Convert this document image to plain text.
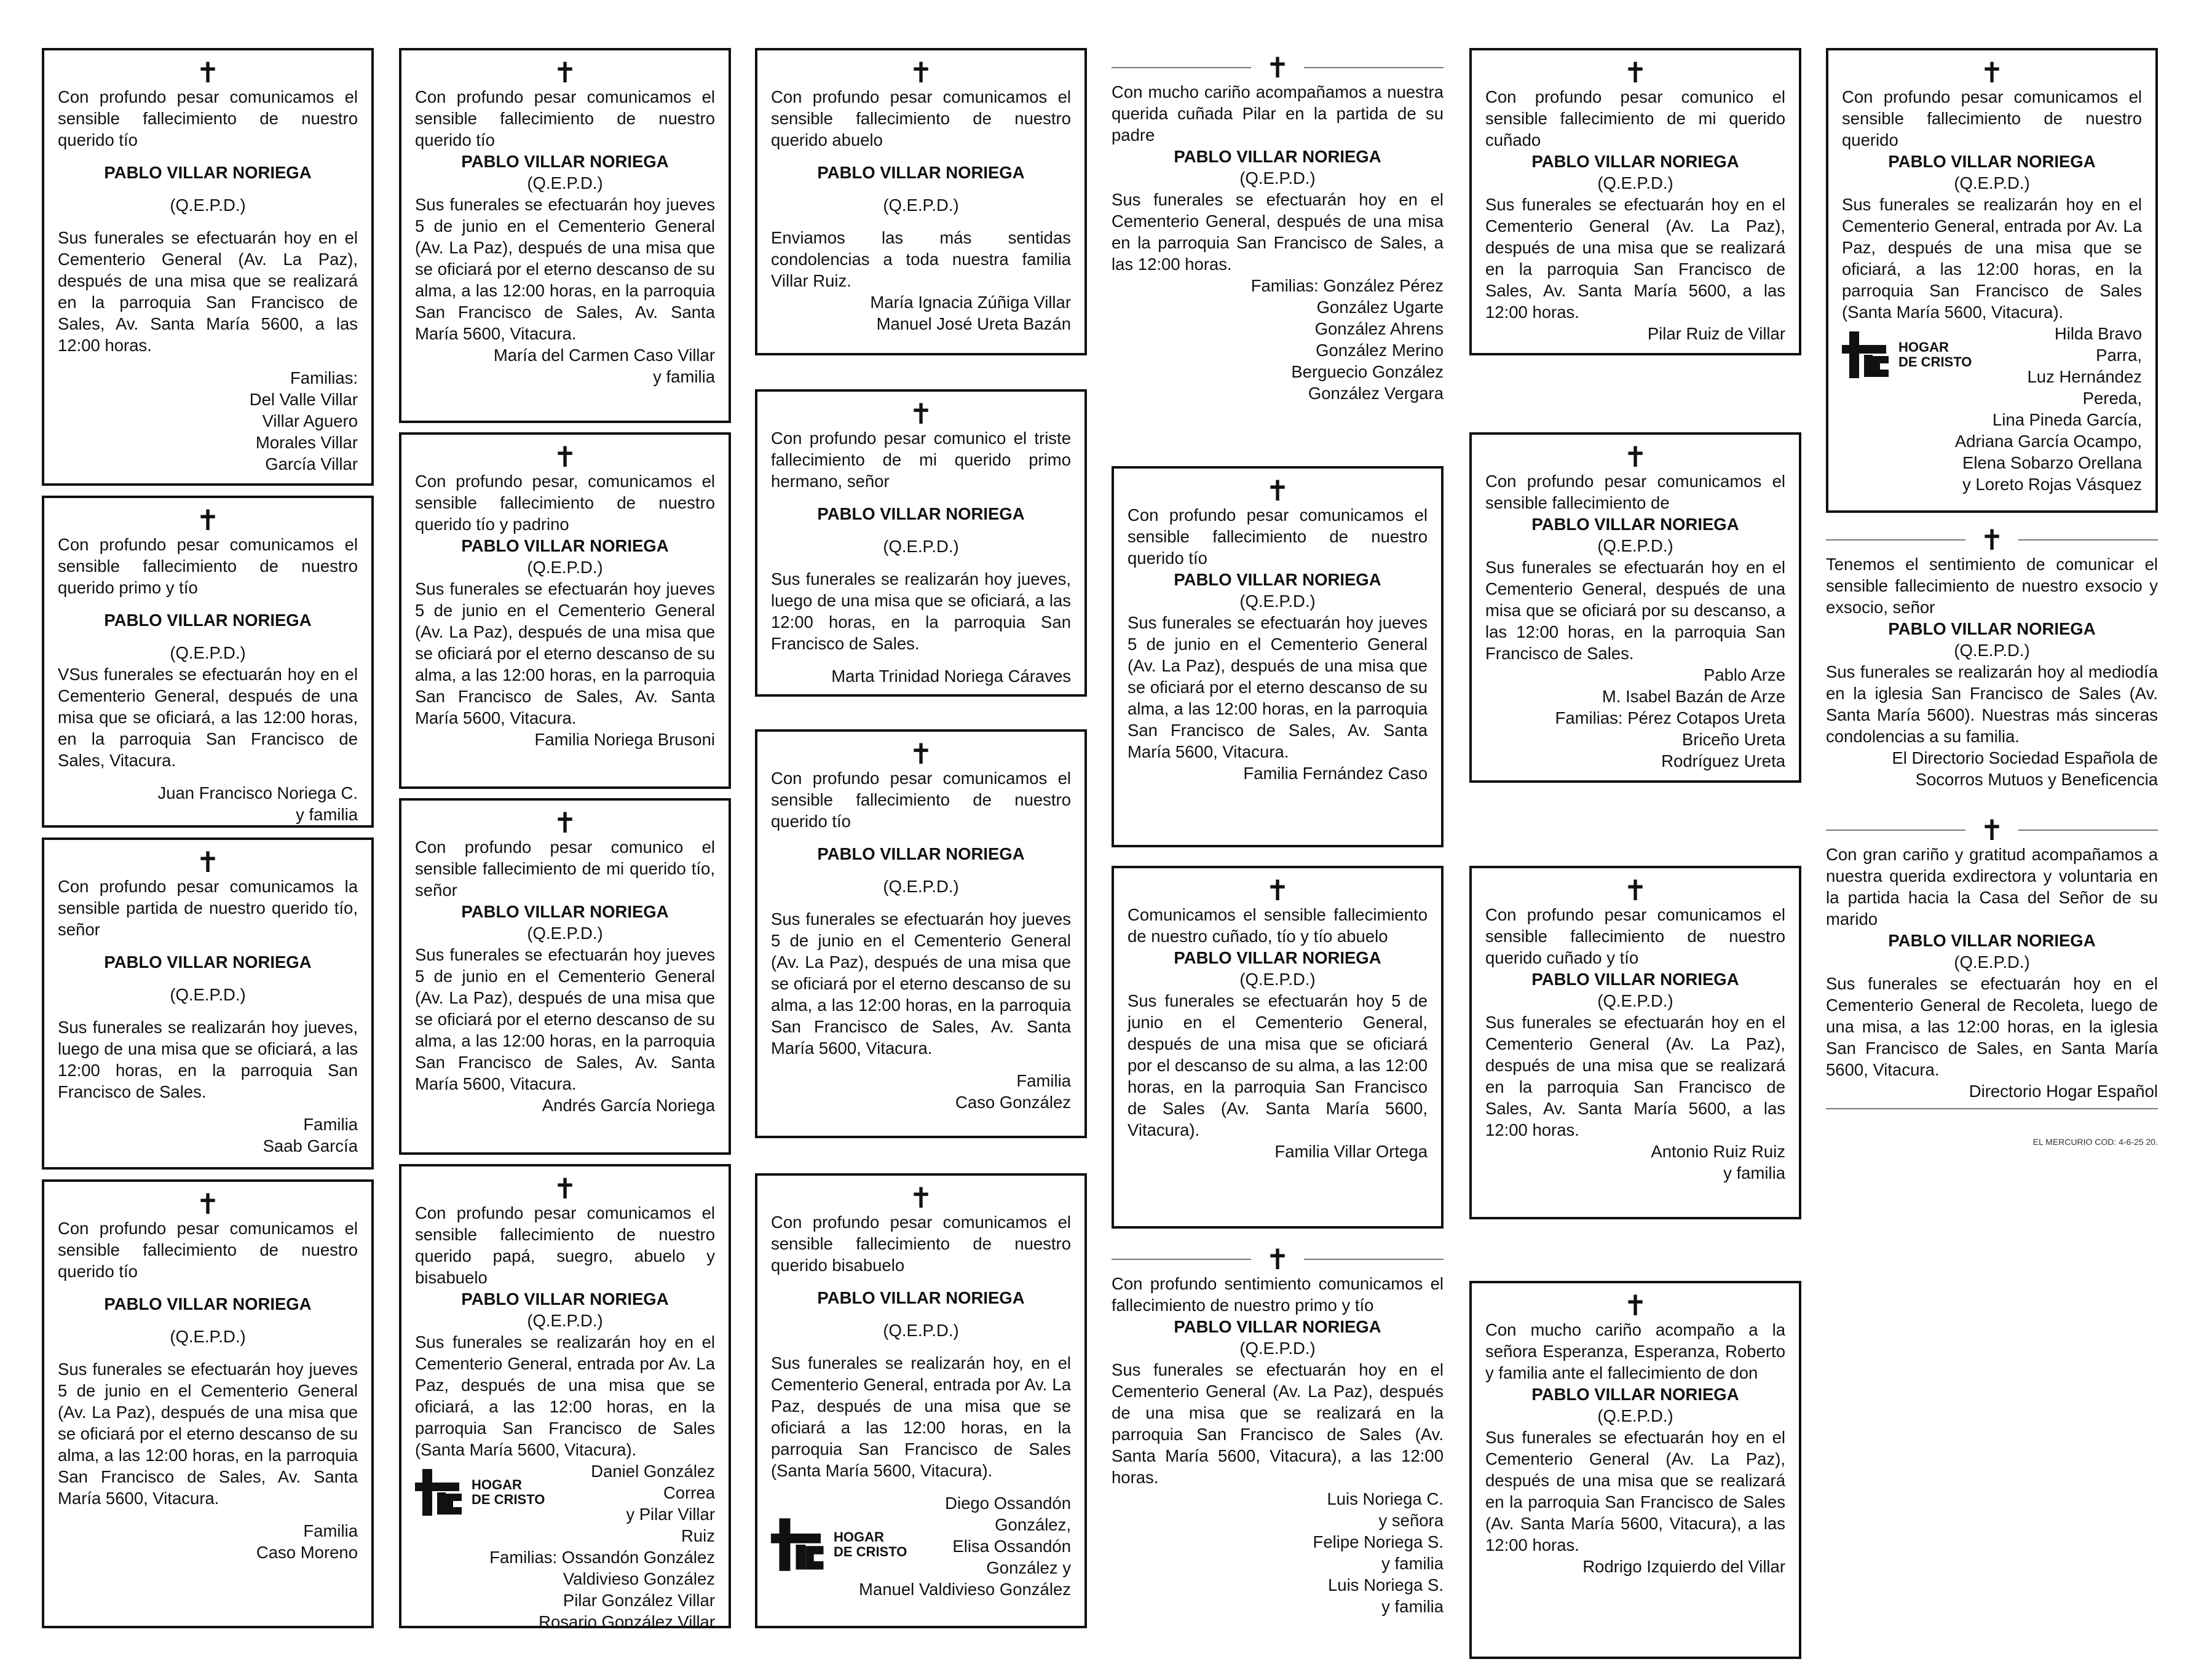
✝
Con profundo pesar comunicamos el sensible fallecimiento de nuestro querido tío
PABLO VILLAR NORIEGA
(Q.E.P.D.)
Sus funerales se efectuarán hoy en el Cementerio General (Av. La Paz), después de una misa que se realizará en la parroquia San Francisco de Sales, Av. Santa María 5600, a las 12:00 horas.
Familias:
Del Valle Villar
Villar Aguero
Morales Villar
García Villar
✝
Con profundo pesar comunicamos el sensible fallecimiento de nuestro querido primo y tío
PABLO VILLAR NORIEGA
(Q.E.P.D.)
VSus funerales se efectuarán hoy en el Cementerio General, después de una misa que se oficiará, a las 12:00 horas, en la parroquia San Francisco de Sales, Vitacura.
Juan Francisco Noriega C.
y familia
✝
Con profundo pesar comunicamos la sensible partida de nuestro querido tío, señor
PABLO VILLAR NORIEGA
(Q.E.P.D.)
Sus funerales se realizarán hoy jueves, luego de una misa que se oficiará, a las 12:00 horas, en la parroquia San Francisco de Sales.
Familia
Saab García
✝
Con profundo pesar comunicamos el sensible fallecimiento de nuestro querido tío
PABLO VILLAR NORIEGA
(Q.E.P.D.)
Sus funerales se efectuarán hoy jueves 5 de junio en el Cementerio General (Av. La Paz), después de una misa que se oficiará por el eterno descanso de su alma, a las 12:00 horas, en la parroquia San Francisco de Sales, Av. Santa María 5600, Vitacura.
Familia
Caso Moreno
✝
Con profundo pesar comunicamos el sensible fallecimiento de nuestro querido tío
PABLO VILLAR NORIEGA
(Q.E.P.D.)
Sus funerales se efectuarán hoy jueves 5 de junio en el Cementerio General (Av. La Paz), después de una misa que se oficiará por el eterno descanso de su alma, a las 12:00 horas, en la parroquia San Francisco de Sales, Av. Santa María 5600, Vitacura.
María del Carmen Caso Villar
y familia
✝
Con profundo pesar, comunicamos el sensible fallecimiento de nuestro querido tío y padrino
PABLO VILLAR NORIEGA
(Q.E.P.D.)
Sus funerales se efectuarán hoy jueves 5 de junio en el Cementerio General (Av. La Paz), después de una misa que se oficiará por el eterno descanso de su alma, a las 12:00 horas, en la parroquia San Francisco de Sales, Av. Santa María 5600, Vitacura.
Familia Noriega Brusoni
✝
Con profundo pesar comunico el sensible fallecimiento de mi querido tío, señor
PABLO VILLAR NORIEGA
(Q.E.P.D.)
Sus funerales se efectuarán hoy jueves 5 de junio en el Cementerio General (Av. La Paz), después de una misa que se oficiará por el eterno descanso de su alma, a las 12:00 horas, en la parroquia San Francisco de Sales, Av. Santa María 5600, Vitacura.
Andrés García Noriega
✝
Con profundo pesar comunicamos el sensible fallecimiento de nuestro querido papá, suegro, abuelo y bisabuelo
PABLO VILLAR NORIEGA
(Q.E.P.D.)
Sus funerales se realizarán hoy en el Cementerio General, entrada por Av. La Paz, después de una misa que se oficiará, a las 12:00 horas, en la parroquia San Francisco de Sales (Santa María 5600, Vitacura).
HOGAR
DE CRISTO
Daniel González
Correa
y Pilar Villar
Ruiz
Familias: Ossandón González
Valdivieso González
Pilar González Villar
Rosario González Villar
✝
Con profundo pesar comunicamos el sensible fallecimiento de nuestro querido abuelo
PABLO VILLAR NORIEGA
(Q.E.P.D.)
Enviamos las más sentidas condolencias a toda nuestra familia Villar Ruiz.
María Ignacia Zúñiga Villar
Manuel José Ureta Bazán
✝
Con profundo pesar comunico el triste fallecimiento de mi querido primo hermano, señor
PABLO VILLAR NORIEGA
(Q.E.P.D.)
Sus funerales se realizarán hoy jueves, luego de una misa que se oficiará, a las 12:00 horas, en la parroquia San Francisco de Sales.
Marta Trinidad Noriega Cáraves
✝
Con profundo pesar comunicamos el sensible fallecimiento de nuestro querido tío
PABLO VILLAR NORIEGA
(Q.E.P.D.)
Sus funerales se efectuarán hoy jueves 5 de junio en el Cementerio General (Av. La Paz), después de una misa que se oficiará por el eterno descanso de su alma, a las 12:00 horas, en la parroquia San Francisco de Sales, Av. Santa María 5600, Vitacura.
Familia
Caso González
✝
Con profundo pesar comunicamos el sensible fallecimiento de nuestro querido bisabuelo
PABLO VILLAR NORIEGA
(Q.E.P.D.)
Sus funerales se realizarán hoy, en el Cementerio General, entrada por Av. La Paz, después de una misa que se oficiará a las 12:00 horas, en la parroquia San Francisco de Sales (Santa María 5600, Vitacura).
HOGAR
DE CRISTO
Diego Ossandón
González,
Elisa Ossandón
González y
Manuel Valdivieso González
✝
Con mucho cariño acompañamos a nuestra querida cuñada Pilar en la partida de su padre
PABLO VILLAR NORIEGA
(Q.E.P.D.)
Sus funerales se efectuarán hoy en el Cementerio General, después de una misa en la parroquia San Francisco de Sales, a las 12:00 horas.
Familias: González Pérez
González Ugarte
González Ahrens
González Merino
Berguecio González
González Vergara
✝
Con profundo pesar comunicamos el sensible fallecimiento de nuestro querido tío
PABLO VILLAR NORIEGA
(Q.E.P.D.)
Sus funerales se efectuarán hoy jueves 5 de junio en el Cementerio General (Av. La Paz), después de una misa que se oficiará por el eterno descanso de su alma, a las 12:00 horas, en la parroquia San Francisco de Sales, Av. Santa María 5600, Vitacura.
Familia Fernández Caso
✝
Comunicamos el sensible fallecimiento de nuestro cuñado, tío y tío abuelo
PABLO VILLAR NORIEGA
(Q.E.P.D.)
Sus funerales se efectuarán hoy 5 de junio en el Cementerio General, después de una misa que se oficiará por el descanso de su alma, a las 12:00 horas, en la parroquia San Francisco de Sales (Av. Santa María 5600, Vitacura).
Familia Villar Ortega
✝
Con profundo sentimiento comunicamos el fallecimiento de nuestro primo y tío
PABLO VILLAR NORIEGA
(Q.E.P.D.)
Sus funerales se efectuarán hoy en el Cementerio General (Av. La Paz), después de una misa que se realizará en la parroquia San Francisco de Sales (Av. Santa María 5600, Vitacura), a las 12:00 horas.
Luis Noriega C.
y señora
Felipe Noriega S.
y familia
Luis Noriega S.
y familia
✝
Con profundo pesar comunico el sensible fallecimiento de mi querido cuñado
PABLO VILLAR NORIEGA
(Q.E.P.D.)
Sus funerales se efectuarán hoy en el Cementerio General (Av. La Paz), después de una misa que se realizará en la parroquia San Francisco de Sales, Av. Santa María 5600, a las 12:00 horas.
Pilar Ruiz de Villar
✝
Con profundo pesar comunicamos el sensible fallecimiento de
PABLO VILLAR NORIEGA
(Q.E.P.D.)
Sus funerales se efectuarán hoy en el Cementerio General, después de una misa que se oficiará por su descanso, a las 12:00 horas, en la parroquia San Francisco de Sales.
Pablo Arze
M. Isabel Bazán de Arze
Familias: Pérez Cotapos Ureta
Briceño Ureta
Rodríguez Ureta
✝
Con profundo pesar comunicamos el sensible fallecimiento de nuestro querido cuñado y tío
PABLO VILLAR NORIEGA
(Q.E.P.D.)
Sus funerales se efectuarán hoy en el Cementerio General (Av. La Paz), después de una misa que se realizará en la parroquia San Francisco de Sales, Av. Santa María 5600, a las 12:00 horas.
Antonio Ruiz Ruiz
y familia
✝
Con mucho cariño acompaño a la señora Esperanza, Esperanza, Roberto y familia ante el fallecimiento de don
PABLO VILLAR NORIEGA
(Q.E.P.D.)
Sus funerales se efectuarán hoy en el Cementerio General (Av. La Paz), después de una misa que se realizará en la parroquia San Francisco de Sales (Av. Santa María 5600, Vitacura), a las 12:00 horas.
Rodrigo Izquierdo del Villar
✝
Con profundo pesar comunicamos el sensible fallecimiento de nuestro querido
PABLO VILLAR NORIEGA
(Q.E.P.D.)
Sus funerales se realizarán hoy en el Cementerio General, entrada por Av. La Paz, después de una misa que se oficiará, a las 12:00 horas, en la parroquia San Francisco de Sales (Santa María 5600, Vitacura).
HOGAR
DE CRISTO
Hilda Bravo
Parra,
Luz Hernández
Pereda,
Lina Pineda García,
Adriana García Ocampo,
Elena Sobarzo Orellana
y Loreto Rojas Vásquez
✝
Tenemos el sentimiento de comunicar el sensible fallecimiento de nuestro exsocio y exsocio, señor
PABLO VILLAR NORIEGA
(Q.E.P.D.)
Sus funerales se realizarán hoy al mediodía en la iglesia San Francisco de Sales (Av. Santa María 5600). Nuestras más sinceras condolencias a su familia.
El Directorio Sociedad Española de
Socorros Mutuos y Beneficencia
✝
Con gran cariño y gratitud acompañamos a nuestra querida exdirectora y voluntaria en la partida hacia la Casa del Señor de su marido
PABLO VILLAR NORIEGA
(Q.E.P.D.)
Sus funerales se efectuarán hoy en el Cementerio General de Recoleta, luego de una misa, a las 12:00 horas, en la iglesia San Francisco de Sales, en Santa María 5600, Vitacura.
Directorio Hogar Español
EL MERCURIO COD: 4-6-25 20.
